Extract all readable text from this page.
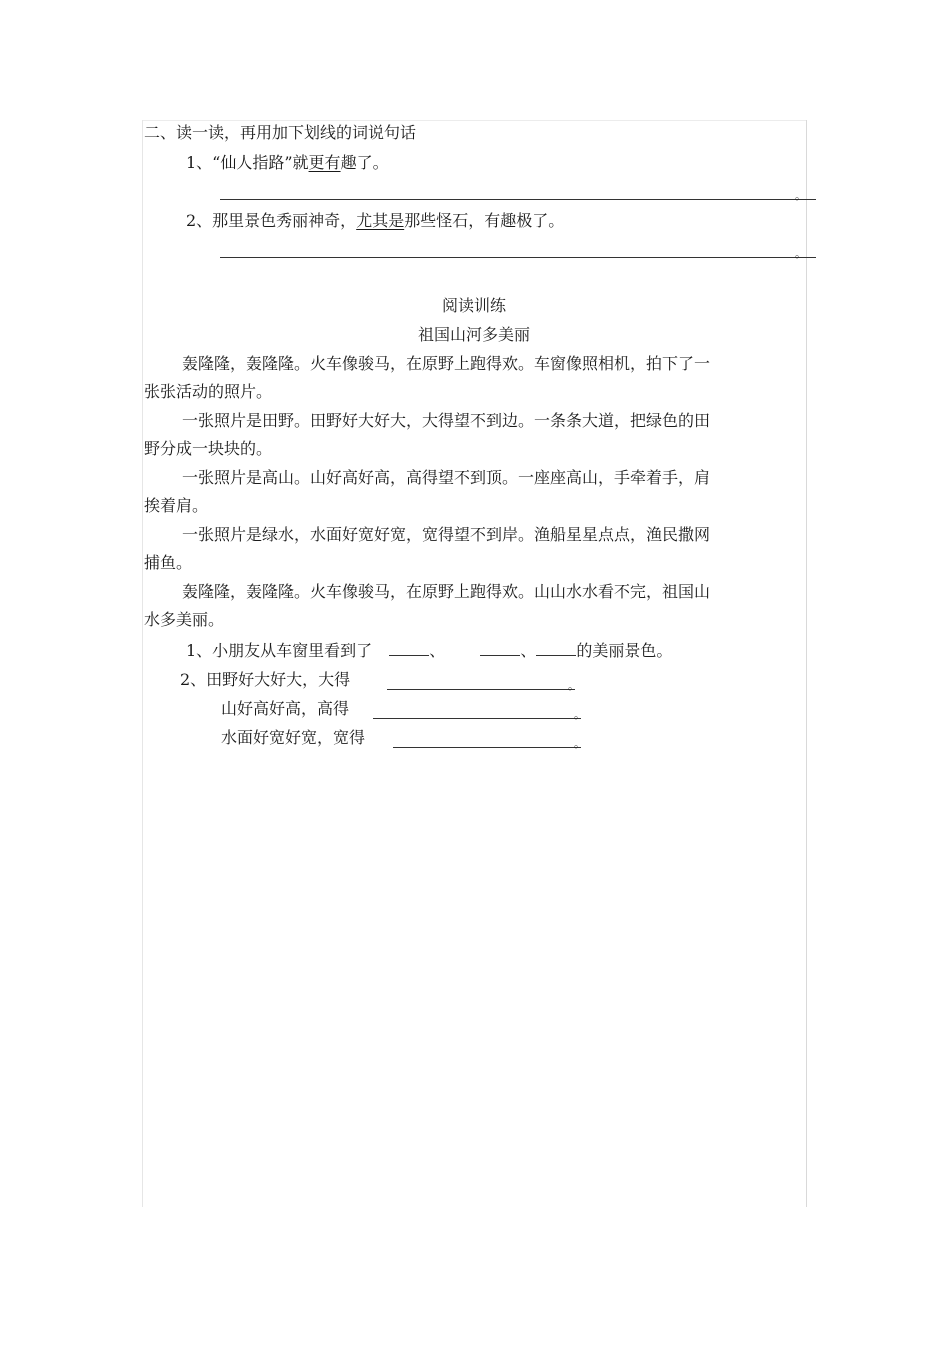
二、读一读，再用加下划线的词说句话
1、“仙人指路”就更有趣了。
。
2、那里景色秀丽神奇，尤其是那些怪石，有趣极了。
。
阅读训练
祖国山河多美丽
轰隆隆，轰隆隆。火车像骏马，在原野上跑得欢。车窗像照相机，拍下了一
张张活动的照片。
一张照片是田野。田野好大好大，大得望不到边。一条条大道，把绿色的田
野分成一块块的。
一张照片是高山。山好高好高，高得望不到顶。一座座高山，手牵着手，肩
挨着肩。
一张照片是绿水，水面好宽好宽，宽得望不到岸。渔船星星点点，渔民撒网
捕鱼。
轰隆隆，轰隆隆。火车像骏马，在原野上跑得欢。山山水水看不完，祖国山
水多美丽。
1、小朋友从车窗里看到了	、	、	的美丽景色。
2、田野好大好大，大得	。
山好高好高，高得	。
水面好宽好宽，宽得	。
